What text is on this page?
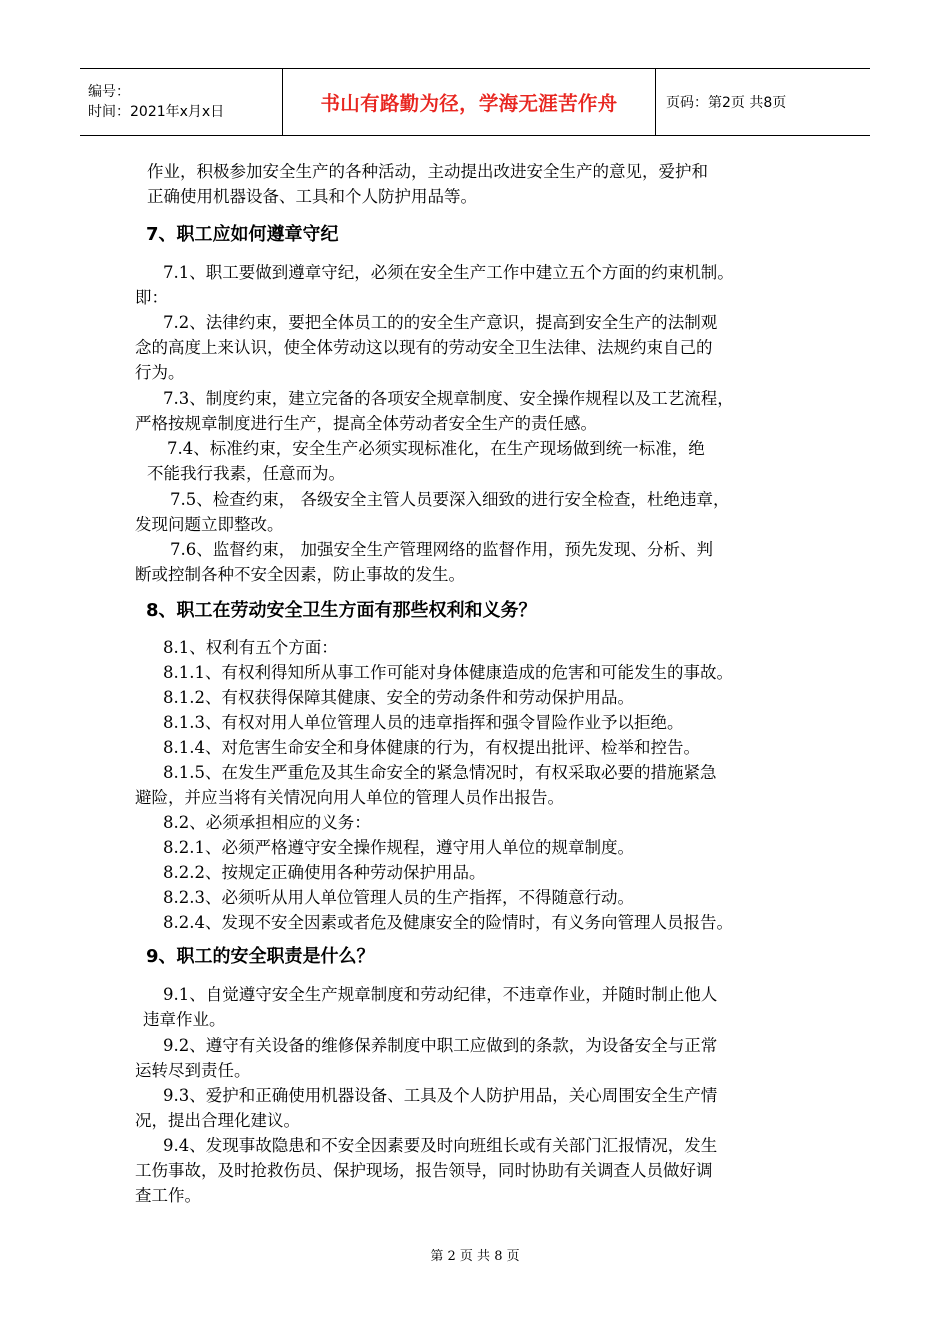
编号：
时间：2021年x月x日	书山有路勤为径，学海无涯苦作舟	页码：第2页 共8页
作业，积极参加安全生产的各种活动，主动提出改进安全生产的意见，爱护和
正确使用机器设备、工具和个人防护用品等。
7、职工应如何遵章守纪
7.1、职工要做到遵章守纪，必须在安全生产工作中建立五个方面的约束机制。
即：
7.2、法律约束，要把全体员工的的安全生产意识，提高到安全生产的法制观
念的高度上来认识，使全体劳动这以现有的劳动安全卫生法律、法规约束自己的
行为。
7.3、制度约束，建立完备的各项安全规章制度、安全操作规程以及工艺流程，
严格按规章制度进行生产，提高全体劳动者安全生产的责任感。
7.4、标准约束，安全生产必须实现标准化，在生产现场做到统一标准，绝
不能我行我素，任意而为。
7.5、检查约束， 各级安全主管人员要深入细致的进行安全检查，杜绝违章，
发现问题立即整改。
7.6、监督约束， 加强安全生产管理网络的监督作用，预先发现、分析、判
断或控制各种不安全因素，防止事故的发生。
8、职工在劳动安全卫生方面有那些权利和义务？
8.1、权利有五个方面：
8.1.1、有权利得知所从事工作可能对身体健康造成的危害和可能发生的事故。
8.1.2、有权获得保障其健康、安全的劳动条件和劳动保护用品。
8.1.3、有权对用人单位管理人员的违章指挥和强令冒险作业予以拒绝。
8.1.4、对危害生命安全和身体健康的行为，有权提出批评、检举和控告。
8.1.5、在发生严重危及其生命安全的紧急情况时，有权采取必要的措施紧急
避险，并应当将有关情况向用人单位的管理人员作出报告。
8.2、必须承担相应的义务：
8.2.1、必须严格遵守安全操作规程，遵守用人单位的规章制度。
8.2.2、按规定正确使用各种劳动保护用品。
8.2.3、必须听从用人单位管理人员的生产指挥，不得随意行动。
8.2.4、发现不安全因素或者危及健康安全的险情时，有义务向管理人员报告。
9、职工的安全职责是什么？
9.1、自觉遵守安全生产规章制度和劳动纪律，不违章作业，并随时制止他人
违章作业。
9.2、遵守有关设备的维修保养制度中职工应做到的条款，为设备安全与正常
运转尽到责任。
9.3、爱护和正确使用机器设备、工具及个人防护用品，关心周围安全生产情
况，提出合理化建议。
9.4、发现事故隐患和不安全因素要及时向班组长或有关部门汇报情况，发生
工伤事故，及时抢救伤员、保护现场，报告领导，同时协助有关调查人员做好调
查工作。
第 2 页 共 8 页
